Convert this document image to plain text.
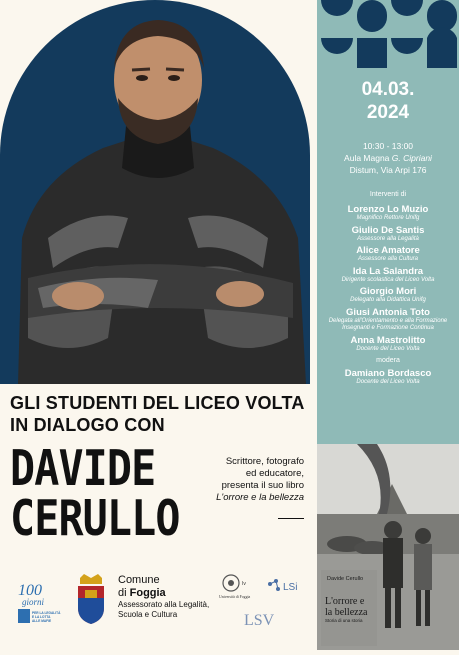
04.03.
2024
10:30 - 13:00
Aula Magna G. Cipriani
Distum, Via Arpi 176
Interventi di
Lorenzo Lo Muzio
Magnifico Rettore Unifg
Giulio De Santis
Assessore alla Legalità
Alice Amatore
Assessore alla Cultura
Ida La Salandra
Dirigente scolastica del Liceo Volta
Giorgio Mori
Delegato alla Didattica Unifg
Giusi Antonia Toto
Delegata all'Orientamento e alla Formazione Insegnanti e Formazione Continua
Anna Mastrolitto
Docente del Liceo Volta
modera
Damiano Bordasco
Docente del Liceo Volta
Davide Cerullo
L'orrore e
la bellezza
Storia di una storia
GLI STUDENTI DEL LICEO VOLTA
IN DIALOGO CON
DAVIDE
CERULLO
Scrittore, fotografo
ed educatore,
presenta il suo libro
L'orrore e la bellezza
100
giorni
PER LA LEGALITÀ
E LA LOTTA
ALLE MAFIE
Comune
di Foggia
Assessorato alla Legalità,
Scuola e Cultura
Iv
Università di Foggia
LSi
LSV
